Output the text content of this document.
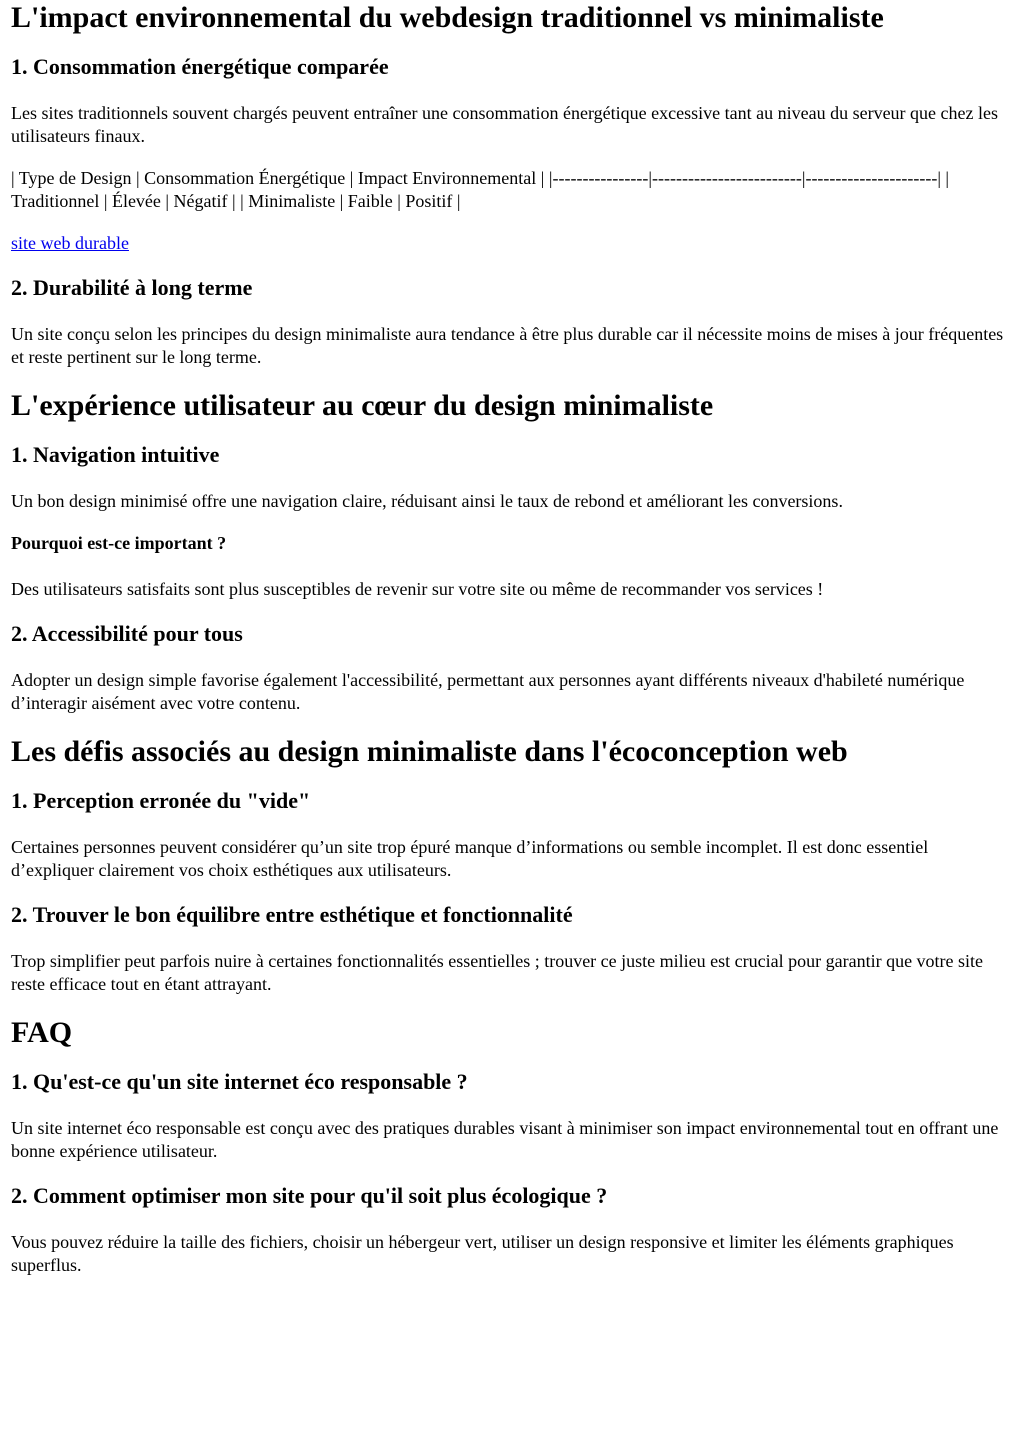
L'impact environnemental du webdesign traditionnel vs minimaliste
1. Consommation énergétique comparée

Les sites traditionnels souvent chargés peuvent entraîner une consommation énergétique excessive tant au niveau du serveur que chez les utilisateurs finaux.

| Type de Design | Consommation Énergétique | Impact Environnemental | |----------------|-------------------------|----------------------| | Traditionnel | Élevée | Négatif | | Minimaliste | Faible | Positif |

site web durable

2. Durabilité à long terme

Un site conçu selon les principes du design minimaliste aura tendance à être plus durable car il nécessite moins de mises à jour fréquentes et reste pertinent sur le long terme.

L'expérience utilisateur au cœur du design minimaliste
1. Navigation intuitive

Un bon design minimisé offre une navigation claire, réduisant ainsi le taux de rebond et améliorant les conversions.

Pourquoi est-ce important ?

Des utilisateurs satisfaits sont plus susceptibles de revenir sur votre site ou même de recommander vos services !

2. Accessibilité pour tous

Adopter un design simple favorise également l'accessibilité, permettant aux personnes ayant différents niveaux d'habileté numérique d’interagir aisément avec votre contenu.

Les défis associés au design minimaliste dans l'écoconception web
1. Perception erronée du "vide"

Certaines personnes peuvent considérer qu’un site trop épuré manque d’informations ou semble incomplet. Il est donc essentiel d’expliquer clairement vos choix esthétiques aux utilisateurs.

2. Trouver le bon équilibre entre esthétique et fonctionnalité

Trop simplifier peut parfois nuire à certaines fonctionnalités essentielles ; trouver ce juste milieu est crucial pour garantir que votre site reste efficace tout en étant attrayant.

FAQ
1. Qu'est-ce qu'un site internet éco responsable ?

Un site internet éco responsable est conçu avec des pratiques durables visant à minimiser son impact environnemental tout en offrant une bonne expérience utilisateur.

2. Comment optimiser mon site pour qu'il soit plus écologique ?

Vous pouvez réduire la taille des fichiers, choisir un hébergeur vert, utiliser un design responsive et limiter les éléments graphiques superflus.
